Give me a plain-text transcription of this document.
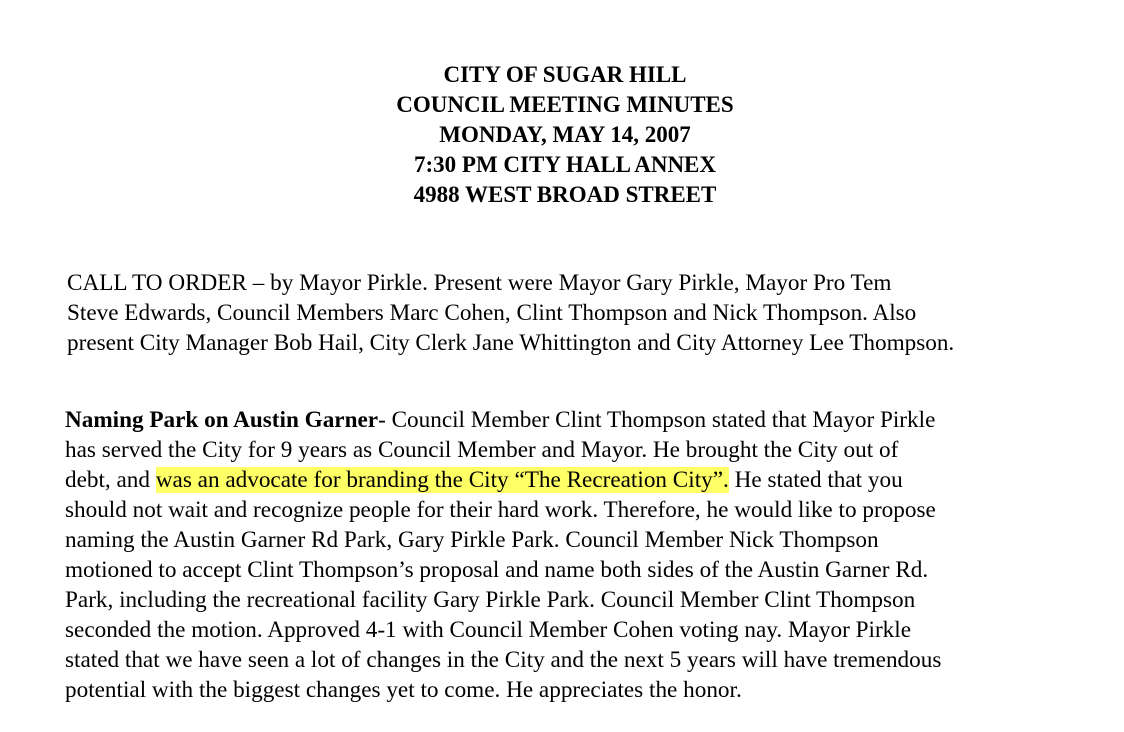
CITY OF SUGAR HILL
COUNCIL MEETING MINUTES
MONDAY, MAY 14, 2007
7:30 PM CITY HALL ANNEX
4988 WEST BROAD STREET
CALL TO ORDER – by Mayor Pirkle. Present were Mayor Gary Pirkle, Mayor Pro Tem
Steve Edwards, Council Members Marc Cohen, Clint Thompson and Nick Thompson. Also
present City Manager Bob Hail, City Clerk Jane Whittington and City Attorney Lee Thompson.
Naming Park on Austin Garner- Council Member Clint Thompson stated that Mayor Pirkle
has served the City for 9 years as Council Member and Mayor. He brought the City out of
debt, and was an advocate for branding the City “The Recreation City”. He stated that you
should not wait and recognize people for their hard work. Therefore, he would like to propose
naming the Austin Garner Rd Park, Gary Pirkle Park. Council Member Nick Thompson
motioned to accept Clint Thompson’s proposal and name both sides of the Austin Garner Rd.
Park, including the recreational facility Gary Pirkle Park. Council Member Clint Thompson
seconded the motion. Approved 4-1 with Council Member Cohen voting nay. Mayor Pirkle
stated that we have seen a lot of changes in the City and the next 5 years will have tremendous
potential with the biggest changes yet to come. He appreciates the honor.
